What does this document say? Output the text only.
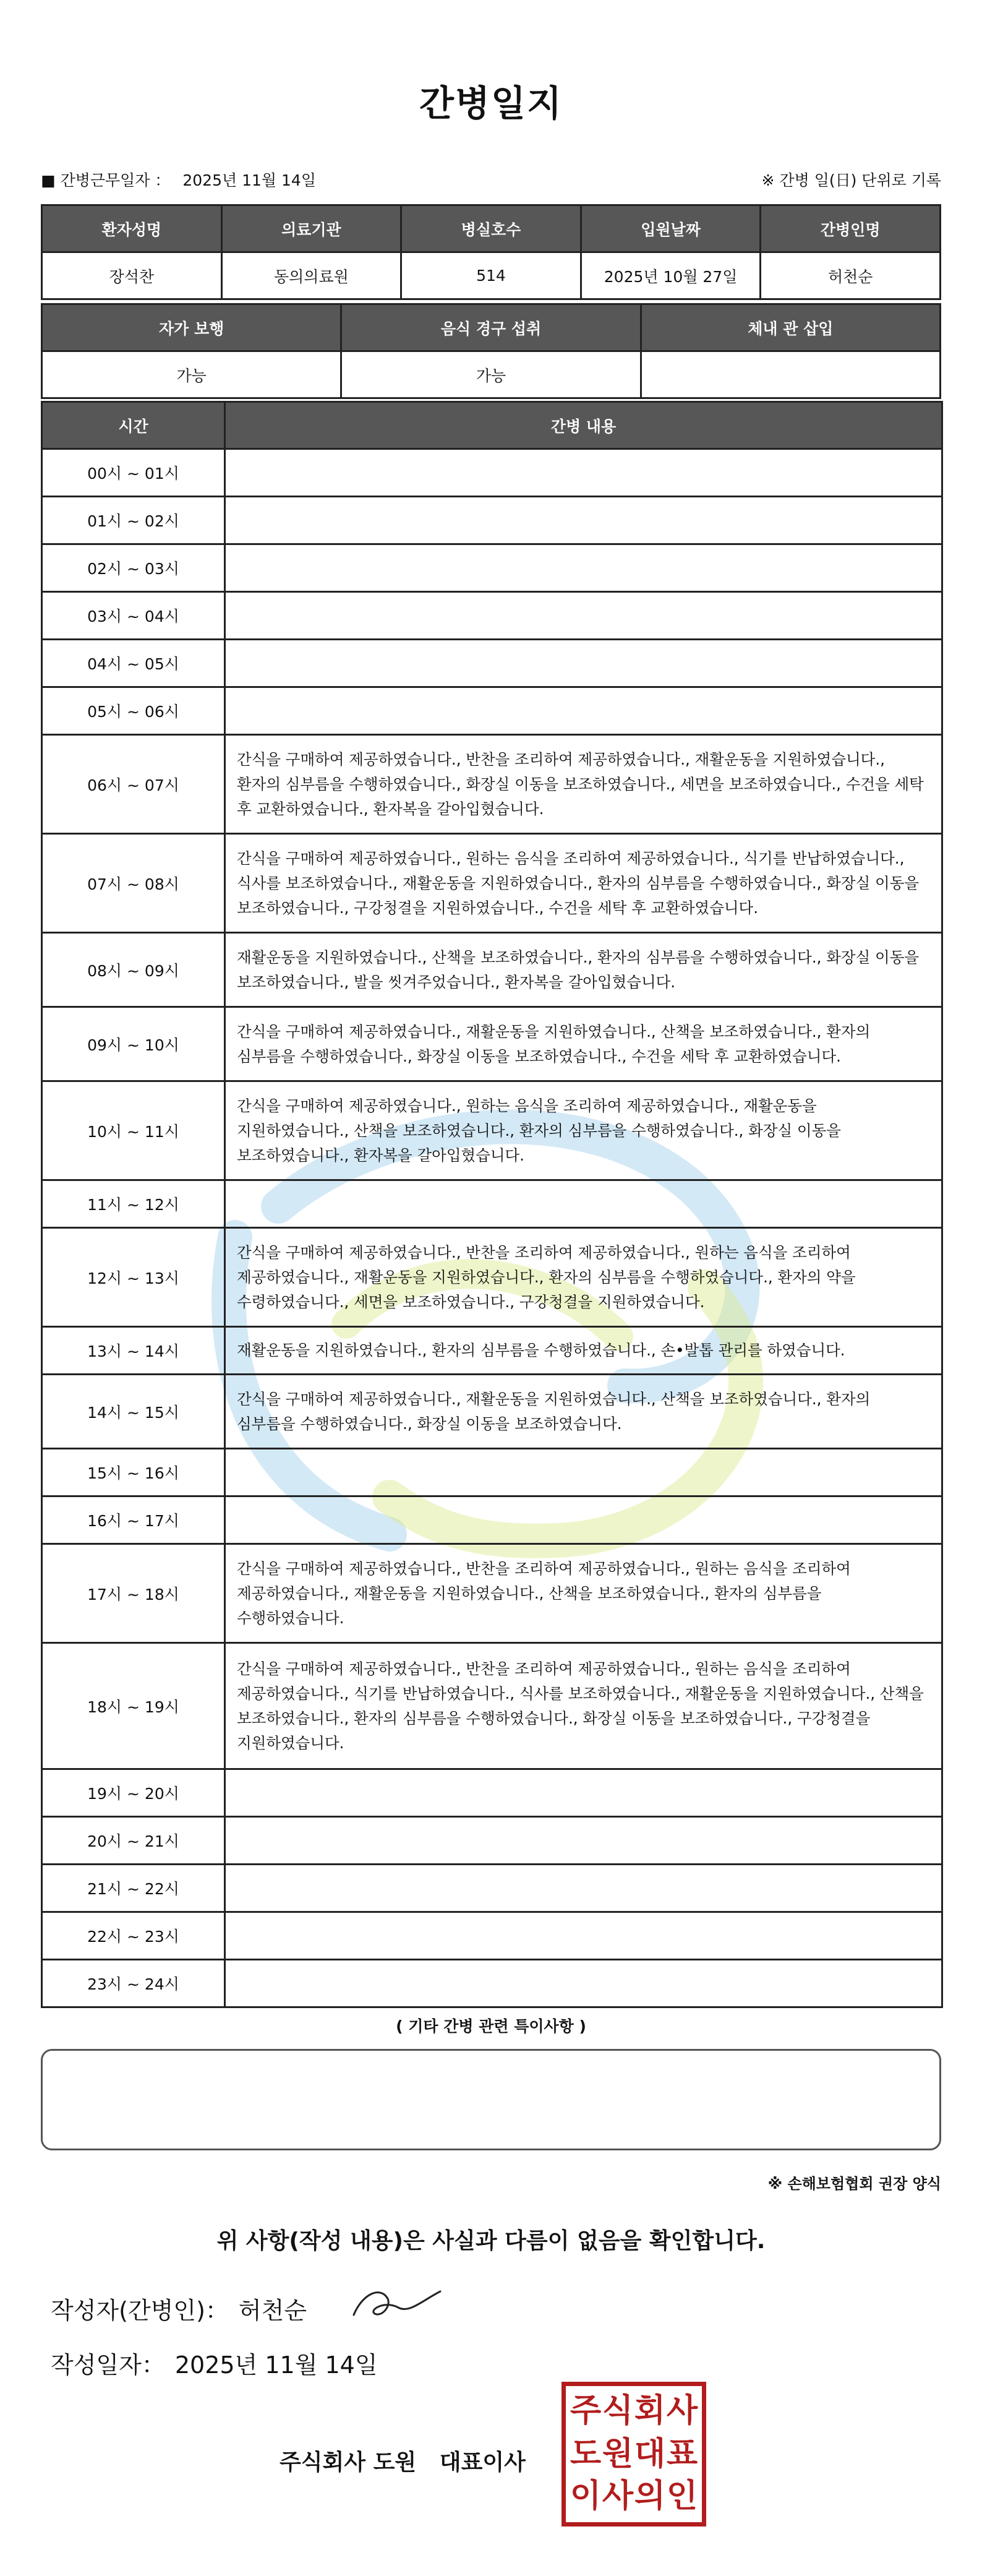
간병일지
■ 간병근무일자 ： 2025년 11월 14일	※ 간병 일(日) 단위로 기록
환자성명	의료기관	병실호수	입원날짜	간병인명
장석찬	동의의료원	514	2025년 10월 27일	허천순
자가 보행	음식 경구 섭취	체내 관 삽입
가능	가능	
시간	간병 내용
00시 ~ 01시	
01시 ~ 02시	
02시 ~ 03시	
03시 ~ 04시	
04시 ~ 05시	
05시 ~ 06시	
06시 ~ 07시	간식을 구매하여 제공하였습니다., 반찬을 조리하여 제공하였습니다., 재활운동을 지원하였습니다., 환자의 심부름을 수행하였습니다., 화장실 이동을 보조하였습니다., 세면을 보조하였습니다., 수건을 세탁 후 교환하였습니다., 환자복을 갈아입혔습니다.
07시 ~ 08시	간식을 구매하여 제공하였습니다., 원하는 음식을 조리하여 제공하였습니다., 식기를 반납하였습니다., 식사를 보조하였습니다., 재활운동을 지원하였습니다., 환자의 심부름을 수행하였습니다., 화장실 이동을 보조하였습니다., 구강청결을 지원하였습니다., 수건을 세탁 후 교환하였습니다.
08시 ~ 09시	재활운동을 지원하였습니다., 산책을 보조하였습니다., 환자의 심부름을 수행하였습니다., 화장실 이동을 보조하였습니다., 발을 씻겨주었습니다., 환자복을 갈아입혔습니다.
09시 ~ 10시	간식을 구매하여 제공하였습니다., 재활운동을 지원하였습니다., 산책을 보조하였습니다., 환자의 심부름을 수행하였습니다., 화장실 이동을 보조하였습니다., 수건을 세탁 후 교환하였습니다.
10시 ~ 11시	간식을 구매하여 제공하였습니다., 원하는 음식을 조리하여 제공하였습니다., 재활운동을 지원하였습니다., 산책을 보조하였습니다., 환자의 심부름을 수행하였습니다., 화장실 이동을 보조하였습니다., 환자복을 갈아입혔습니다.
11시 ~ 12시	
12시 ~ 13시	간식을 구매하여 제공하였습니다., 반찬을 조리하여 제공하였습니다., 원하는 음식을 조리하여 제공하였습니다., 재활운동을 지원하였습니다., 환자의 심부름을 수행하였습니다., 환자의 약을 수령하였습니다., 세면을 보조하였습니다., 구강청결을 지원하였습니다.
13시 ~ 14시	재활운동을 지원하였습니다., 환자의 심부름을 수행하였습니다., 손•발톱 관리를 하였습니다.
14시 ~ 15시	간식을 구매하여 제공하였습니다., 재활운동을 지원하였습니다., 산책을 보조하였습니다., 환자의 심부름을 수행하였습니다., 화장실 이동을 보조하였습니다.
15시 ~ 16시	
16시 ~ 17시	
17시 ~ 18시	간식을 구매하여 제공하였습니다., 반찬을 조리하여 제공하였습니다., 원하는 음식을 조리하여 제공하였습니다., 재활운동을 지원하였습니다., 산책을 보조하였습니다., 환자의 심부름을 수행하였습니다.
18시 ~ 19시	간식을 구매하여 제공하였습니다., 반찬을 조리하여 제공하였습니다., 원하는 음식을 조리하여 제공하였습니다., 식기를 반납하였습니다., 식사를 보조하였습니다., 재활운동을 지원하였습니다., 산책을 보조하였습니다., 환자의 심부름을 수행하였습니다., 화장실 이동을 보조하였습니다., 구강청결을 지원하였습니다.
19시 ~ 20시	
20시 ~ 21시	
21시 ~ 22시	
22시 ~ 23시	
23시 ~ 24시	
( 기타 간병 관련 특이사항 )
※ 손해보험협회 권장 양식
위 사항(작성 내용)은 사실과 다름이 없음을 확인합니다.
작성자(간병인)： 허천순
작성일자： 2025년 11월 14일
주식회사 도원   대표이사
주 식 회 사
도 원 대 표
이 사 의 인
